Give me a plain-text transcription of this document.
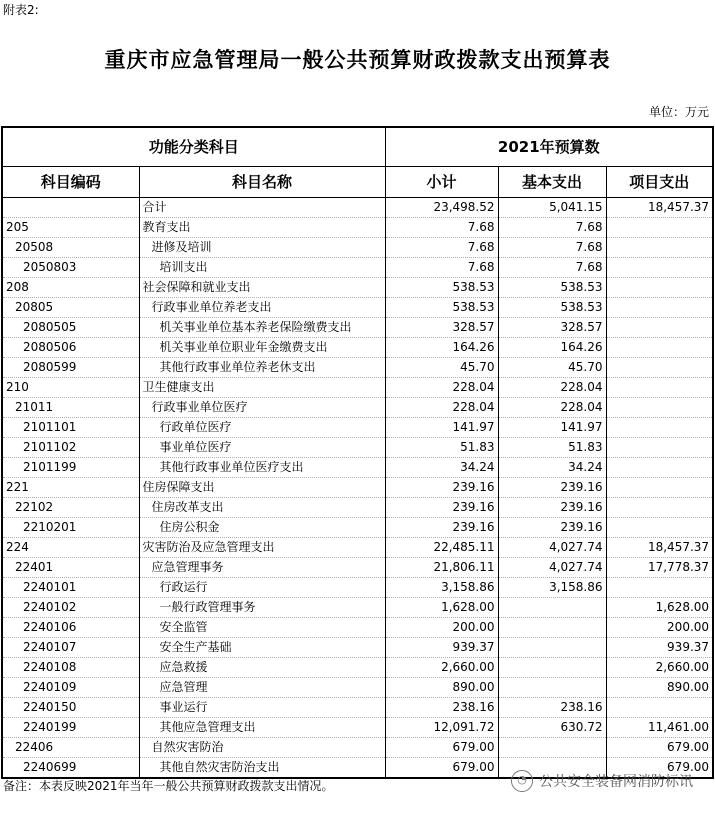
附表2:
重庆市应急管理局一般公共预算财政拨款支出预算表
单位：万元
功能分类科目		2021年预算数		
科目编码	科目名称	小计	基本支出	项目支出
	合计	23,498.52	5,041.15	18,457.37
205	教育支出	7.68	7.68	
20508	进修及培训	7.68	7.68	
2050803	培训支出	7.68	7.68	
208	社会保障和就业支出	538.53	538.53	
20805	行政事业单位养老支出	538.53	538.53	
2080505	机关事业单位基本养老保险缴费支出	328.57	328.57	
2080506	机关事业单位职业年金缴费支出	164.26	164.26	
2080599	其他行政事业单位养老休支出	45.70	45.70	
210	卫生健康支出	228.04	228.04	
21011	行政事业单位医疗	228.04	228.04	
2101101	行政单位医疗	141.97	141.97	
2101102	事业单位医疗	51.83	51.83	
2101199	其他行政事业单位医疗支出	34.24	34.24	
221	住房保障支出	239.16	239.16	
22102	住房改革支出	239.16	239.16	
2210201	住房公积金	239.16	239.16	
224	灾害防治及应急管理支出	22,485.11	4,027.74	18,457.37
22401	应急管理事务	21,806.11	4,027.74	17,778.37
2240101	行政运行	3,158.86	3,158.86	
2240102	一般行政管理事务	1,628.00		1,628.00
2240106	安全监管	200.00		200.00
2240107	安全生产基础	939.37		939.37
2240108	应急救援	2,660.00		2,660.00
2240109	应急管理	890.00		890.00
2240150	事业运行	238.16	238.16	
2240199	其他应急管理支出	12,091.72	630.72	11,461.00
22406	自然灾害防治	679.00		679.00
2240699	其他自然灾害防治支出	679.00		679.00
备注：本表反映2021年当年一般公共预算财政拨款支出情况。	◔ 公共安全装备网消防标讯
